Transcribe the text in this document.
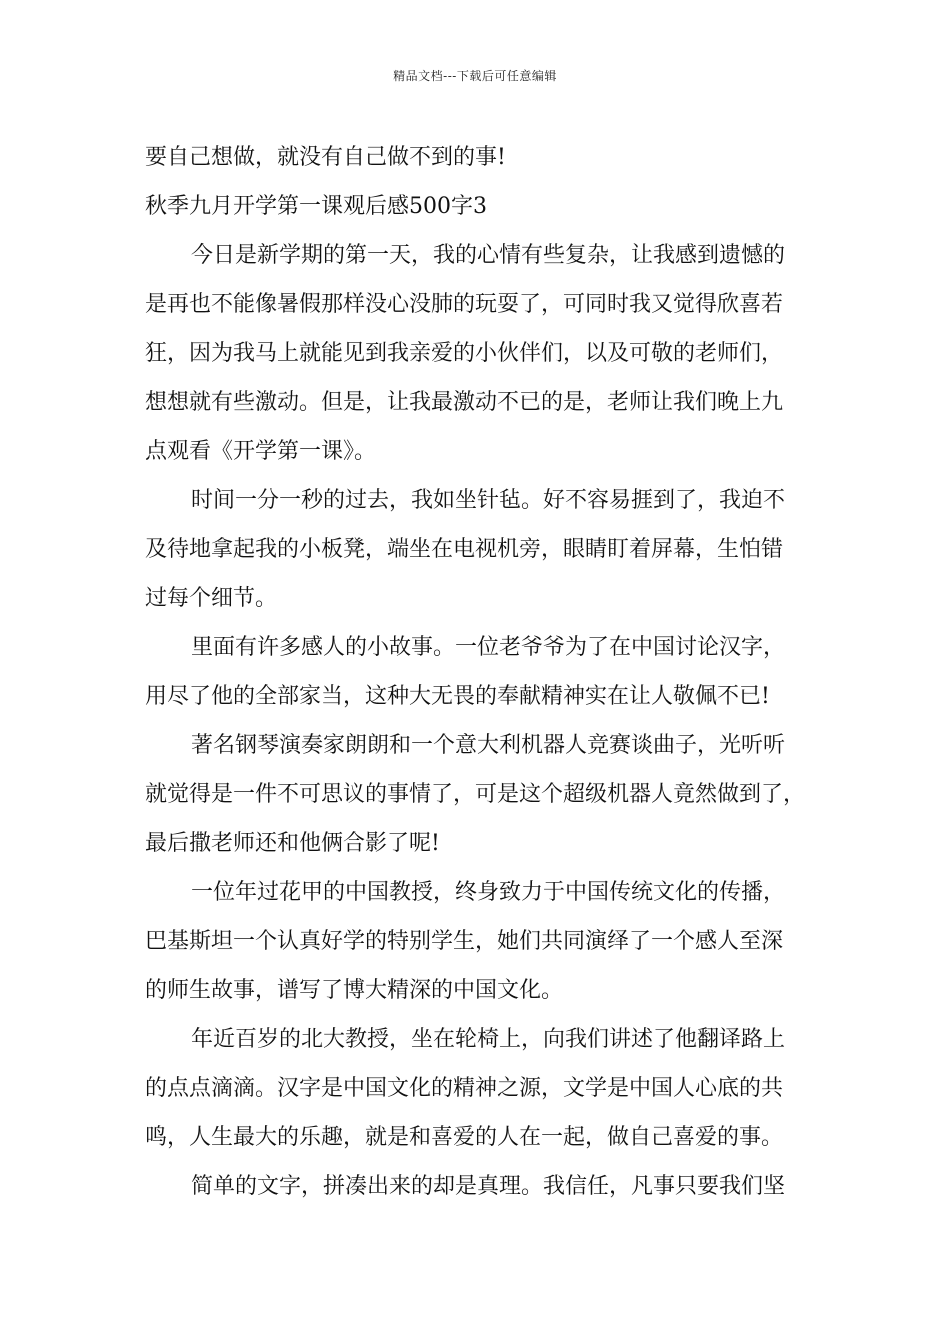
精品文档---下载后可任意编辑
要自己想做，就没有自己做不到的事!
秋季九月开学第一课观后感500字3
今日是新学期的第一天，我的心情有些复杂，让我感到遗憾的
是再也不能像暑假那样没心没肺的玩耍了，可同时我又觉得欣喜若
狂，因为我马上就能见到我亲爱的小伙伴们，以及可敬的老师们，
想想就有些激动。但是，让我最激动不已的是，老师让我们晚上九
点观看《开学第一课》。
时间一分一秒的过去，我如坐针毡。好不容易捱到了，我迫不
及待地拿起我的小板凳，端坐在电视机旁，眼睛盯着屏幕，生怕错
过每个细节。
里面有许多感人的小故事。一位老爷爷为了在中国讨论汉字，
用尽了他的全部家当，这种大无畏的奉献精神实在让人敬佩不已!
著名钢琴演奏家朗朗和一个意大利机器人竞赛谈曲子，光听听
就觉得是一件不可思议的事情了，可是这个超级机器人竟然做到了，
最后撒老师还和他俩合影了呢!
一位年过花甲的中国教授，终身致力于中国传统文化的传播，
巴基斯坦一个认真好学的特别学生，她们共同演绎了一个感人至深
的师生故事，谱写了博大精深的中国文化。
年近百岁的北大教授，坐在轮椅上，向我们讲述了他翻译路上
的点点滴滴。汉字是中国文化的精神之源，文学是中国人心底的共
鸣，人生最大的乐趣，就是和喜爱的人在一起，做自己喜爱的事。
简单的文字，拼凑出来的却是真理。我信任，凡事只要我们坚
